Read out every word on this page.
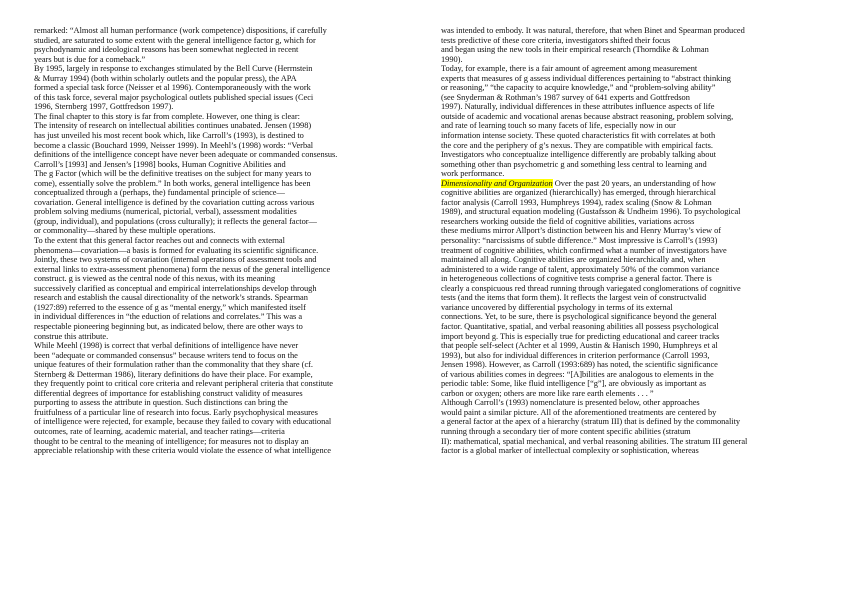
remarked: “Almost all human performance (work competence) dispositions, if carefully
studied, are saturated to some extent with the general intelligence factor g, which for
psychodynamic and ideological reasons has been somewhat neglected in recent
years but is due for a comeback.”
By 1995, largely in response to exchanges stimulated by the Bell Curve (Herrnstein
& Murray 1994) (both within scholarly outlets and the popular press), the APA
formed a special task force (Neisser et al 1996). Contemporaneously with the work
of this task force, several major psychological outlets published special issues (Ceci
1996, Sternberg 1997, Gottfredson 1997).
The final chapter to this story is far from complete. However, one thing is clear:
The intensity of research on intellectual abilities continues unabated. Jensen (1998)
has just unveiled his most recent book which, like Carroll’s (1993), is destined to
become a classic (Bouchard 1999, Neisser 1999). In Meehl’s (1998) words: “Verbal
definitions of the intelligence concept have never been adequate or commanded consensus.
Carroll’s [1993] and Jensen’s [1998] books, Human Cognitive Abilities and
The g Factor (which will be the definitive treatises on the subject for many years to
come), essentially solve the problem.” In both works, general intelligence has been
conceptualized through a (perhaps, the) fundamental principle of science—
covariation. General intelligence is defined by the covariation cutting across various
problem solving mediums (numerical, pictorial, verbal), assessment modalities
(group, individual), and populations (cross culturally); it reflects the general factor—
or commonality—shared by these multiple operations.
To the extent that this general factor reaches out and connects with external
phenomena—covariation—a basis is formed for evaluating its scientific significance.
Jointly, these two systems of covariation (internal operations of assessment tools and
external links to extra-assessment phenomena) form the nexus of the general intelligence
construct. g is viewed as the central node of this nexus, with its meaning
successively clarified as conceptual and empirical interrelationships develop through
research and establish the causal directionality of the network’s strands. Spearman
(1927:89) referred to the essence of g as “mental energy,” which manifested itself
in individual differences in “the eduction of relations and correlates.” This was a
respectable pioneering beginning but, as indicated below, there are other ways to
construe this attribute.
While Meehl (1998) is correct that verbal definitions of intelligence have never
been “adequate or commanded consensus” because writers tend to focus on the
unique features of their formulation rather than the commonality that they share (cf.
Sternberg & Detterman 1986), literary definitions do have their place. For example,
they frequently point to critical core criteria and relevant peripheral criteria that constitute
differential degrees of importance for establishing construct validity of measures
purporting to assess the attribute in question. Such distinctions can bring the
fruitfulness of a particular line of research into focus. Early psychophysical measures
of intelligence were rejected, for example, because they failed to covary with educational
outcomes, rate of learning, academic material, and teacher ratings—criteria
thought to be central to the meaning of intelligence; for measures not to display an
appreciable relationship with these criteria would violate the essence of what intelligence
was intended to embody. It was natural, therefore, that when Binet and Spearman produced
tests predictive of these core criteria, investigators shifted their focus
and began using the new tools in their empirical research (Thorndike & Lohman
1990).
Today, for example, there is a fair amount of agreement among measurement
experts that measures of g assess individual differences pertaining to “abstract thinking
or reasoning,” “the capacity to acquire knowledge,” and “problem-solving ability”
(see Snyderman & Rothman’s 1987 survey of 641 experts and Gottfredson
1997). Naturally, individual differences in these attributes influence aspects of life
outside of academic and vocational arenas because abstract reasoning, problem solving,
and rate of learning touch so many facets of life, especially now in our
information intense society. These quoted characteristics fit with correlates at both
the core and the periphery of g’s nexus. They are compatible with empirical facts.
Investigators who conceptualize intelligence differently are probably talking about
something other than psychometric g and something less central to learning and
work performance.
Dimensionality and Organization Over the past 20 years, an understanding of how
cognitive abilities are organized (hierarchically) has emerged, through hierarchical
factor analysis (Carroll 1993, Humphreys 1994), radex scaling (Snow & Lohman
1989), and structural equation modeling (Gustafsson & Undheim 1996). To psychological
researchers working outside the field of cognitive abilities, variations across
these mediums mirror Allport’s distinction between his and Henry Murray’s view of
personality: “narcissisms of subtle difference.” Most impressive is Carroll’s (1993)
treatment of cognitive abilities, which confirmed what a number of investigators have
maintained all along. Cognitive abilities are organized hierarchically and, when
administered to a wide range of talent, approximately 50% of the common variance
in heterogeneous collections of cognitive tests comprise a general factor. There is
clearly a conspicuous red thread running through variegated conglomerations of cognitive
tests (and the items that form them). It reflects the largest vein of constructvalid
variance uncovered by differential psychology in terms of its external
connections. Yet, to be sure, there is psychological significance beyond the general
factor. Quantitative, spatial, and verbal reasoning abilities all possess psychological
import beyond g. This is especially true for predicting educational and career tracks
that people self-select (Achter et al 1999, Austin & Hanisch 1990, Humphreys et al
1993), but also for individual differences in criterion performance (Carroll 1993,
Jensen 1998). However, as Carroll (1993:689) has noted, the scientific significance
of various abilities comes in degrees: “[A]bilities are analogous to elements in the
periodic table: Some, like fluid intelligence [“g”], are obviously as important as
carbon or oxygen; others are more like rare earth elements . . . ”
Although Carroll’s (1993) nomenclature is presented below, other approaches
would paint a similar picture. All of the aforementioned treatments are centered by
a general factor at the apex of a hierarchy (stratum III) that is defined by the commonality
running through a secondary tier of more content specific abilities (stratum
II): mathematical, spatial mechanical, and verbal reasoning abilities. The stratum III general
factor is a global marker of intellectual complexity or sophistication, whereas
